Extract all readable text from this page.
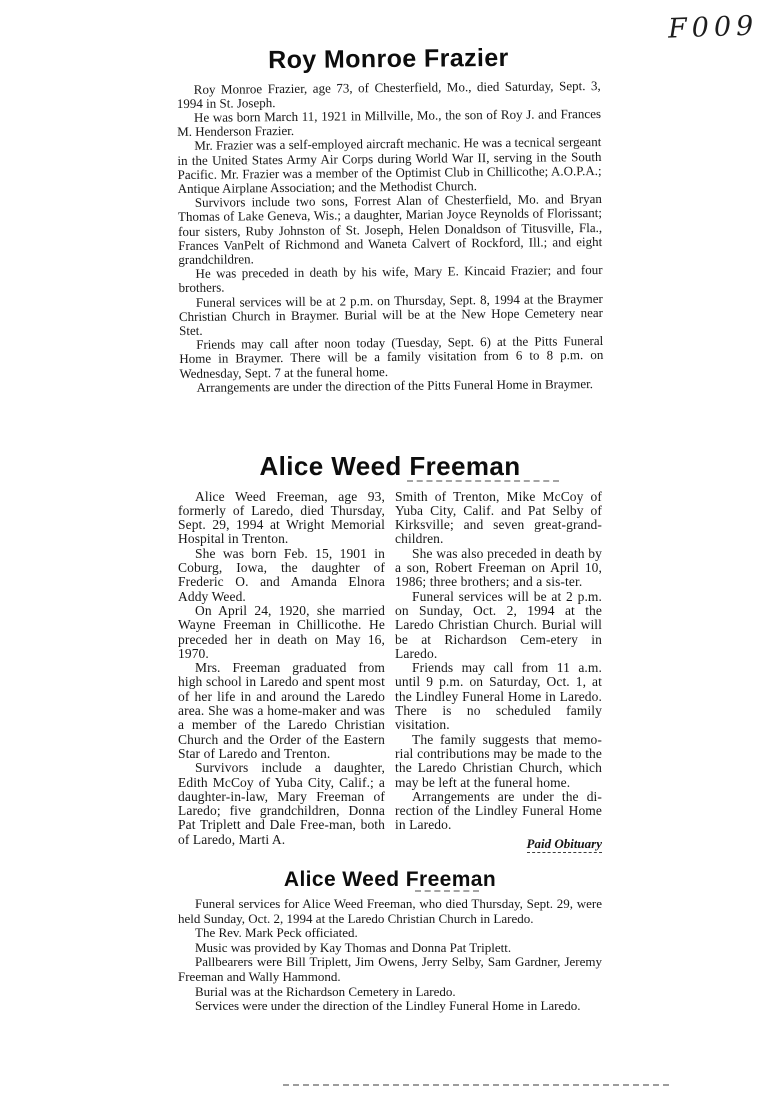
F009
Roy Monroe Frazier

Roy Monroe Frazier, age 73, of Chesterfield, Mo., died Saturday, Sept. 3, 1994 in St. Joseph.

He was born March 11, 1921 in Millville, Mo., the son of Roy J. and Frances M. Henderson Frazier.

Mr. Frazier was a self-employed aircraft mechanic. He was a tecnical sergeant in the United States Army Air Corps during World War II, serving in the South Pacific. Mr. Frazier was a member of the Optimist Club in Chillicothe; A.O.P.A.; Antique Airplane Association; and the Methodist Church.

Survivors include two sons, Forrest Alan of Chesterfield, Mo. and Bryan Thomas of Lake Geneva, Wis.; a daughter, Marian Joyce Reynolds of Florissant; four sisters, Ruby Johnston of St. Joseph, Helen Donaldson of Titusville, Fla., Frances VanPelt of Richmond and Waneta Calvert of Rockford, Ill.; and eight grandchildren.

He was preceded in death by his wife, Mary E. Kincaid Frazier; and four brothers.

Funeral services will be at 2 p.m. on Thursday, Sept. 8, 1994 at the Braymer Christian Church in Braymer. Burial will be at the New Hope Cemetery near Stet.

Friends may call after noon today (Tuesday, Sept. 6) at the Pitts Funeral Home in Braymer. There will be a family visitation from 6 to 8 p.m. on Wednesday, Sept. 7 at the funeral home.

Arrangements are under the direction of the Pitts Funeral Home in Braymer.

Alice Weed Freeman

Alice Weed Freeman, age 93, formerly of Laredo, died Thursday, Sept. 29, 1994 at Wright Memorial Hospital in Trenton.

She was born Feb. 15, 1901 in Coburg, Iowa, the daughter of Frederic O. and Amanda Elnora Addy Weed.

On April 24, 1920, she married Wayne Freeman in Chillicothe. He preceded her in death on May 16, 1970.

Mrs. Freeman graduated from high school in Laredo and spent most of her life in and around the Laredo area. She was a home-maker and was a member of the Laredo Christian Church and the Order of the Eastern Star of Laredo and Trenton.

Survivors include a daughter, Edith McCoy of Yuba City, Calif.; a daughter-in-law, Mary Freeman of Laredo; five grandchildren, Donna Pat Triplett and Dale Free-man, both of Laredo, Marti A.

Smith of Trenton, Mike McCoy of Yuba City, Calif. and Pat Selby of Kirksville; and seven great-grand-children.

She was also preceded in death by a son, Robert Freeman on April 10, 1986; three brothers; and a sis-ter.

Funeral services will be at 2 p.m. on Sunday, Oct. 2, 1994 at the Laredo Christian Church. Burial will be at Richardson Cem-etery in Laredo.

Friends may call from 11 a.m. until 9 p.m. on Saturday, Oct. 1, at the Lindley Funeral Home in Laredo. There is no scheduled family visitation.

The family suggests that memo-rial contributions may be made to the the Laredo Christian Church, which may be left at the funeral home.

Arrangements are under the di-rection of the Lindley Funeral Home in Laredo.

Paid Obituary

Alice Weed Freeman

Funeral services for Alice Weed Freeman, who died Thursday, Sept. 29, were held Sunday, Oct. 2, 1994 at the Laredo Christian Church in Laredo.

The Rev. Mark Peck officiated.

Music was provided by Kay Thomas and Donna Pat Triplett.

Pallbearers were Bill Triplett, Jim Owens, Jerry Selby, Sam Gardner, Jeremy Freeman and Wally Hammond.

Burial was at the Richardson Cemetery in Laredo.

Services were under the direction of the Lindley Funeral Home in Laredo.
